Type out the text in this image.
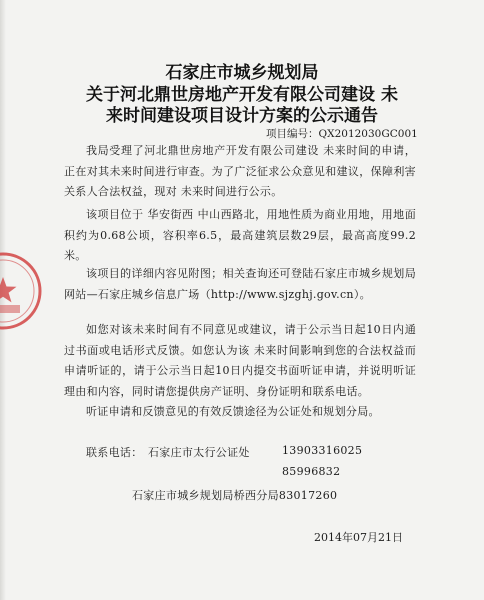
石家庄市城乡规划局
关于河北鼎世房地产开发有限公司建设 未
来时间建设项目设计方案的公示通告
项目编号：QX2012030GC001

我局受理了河北鼎世房地产开发有限公司建设 未来时间的申请，正在对其未来时间进行审查。为了广泛征求公众意见和建议，保障利害关系人合法权益，现对 未来时间进行公示。

该项目位于 华安街西 中山西路北，用地性质为商业用地，用地面积约为0.68公顷，容积率6.5，最高建筑层数29层，最高高度99.2米。

该项目的详细内容见附图；相关查询还可登陆石家庄市城乡规划局网站—石家庄城乡信息广场（http://www.sjzghj.gov.cn）。

如您对该未来时间有不同意见或建议，请于公示当日起10日内通过书面或电话形式反馈。如您认为该 未来时间影响到您的合法权益而申请听证的，请于公示当日起10日内提交书面听证申请，并说明听证理由和内容，同时请您提供房产证明、身份证明和联系电话。

听证申请和反馈意见的有效反馈途径为公证处和规划分局。

联系电话： 石家庄市太行公证处	13903316025
85996832
石家庄市城乡规划局桥西分局83017260
2014年07月21日
